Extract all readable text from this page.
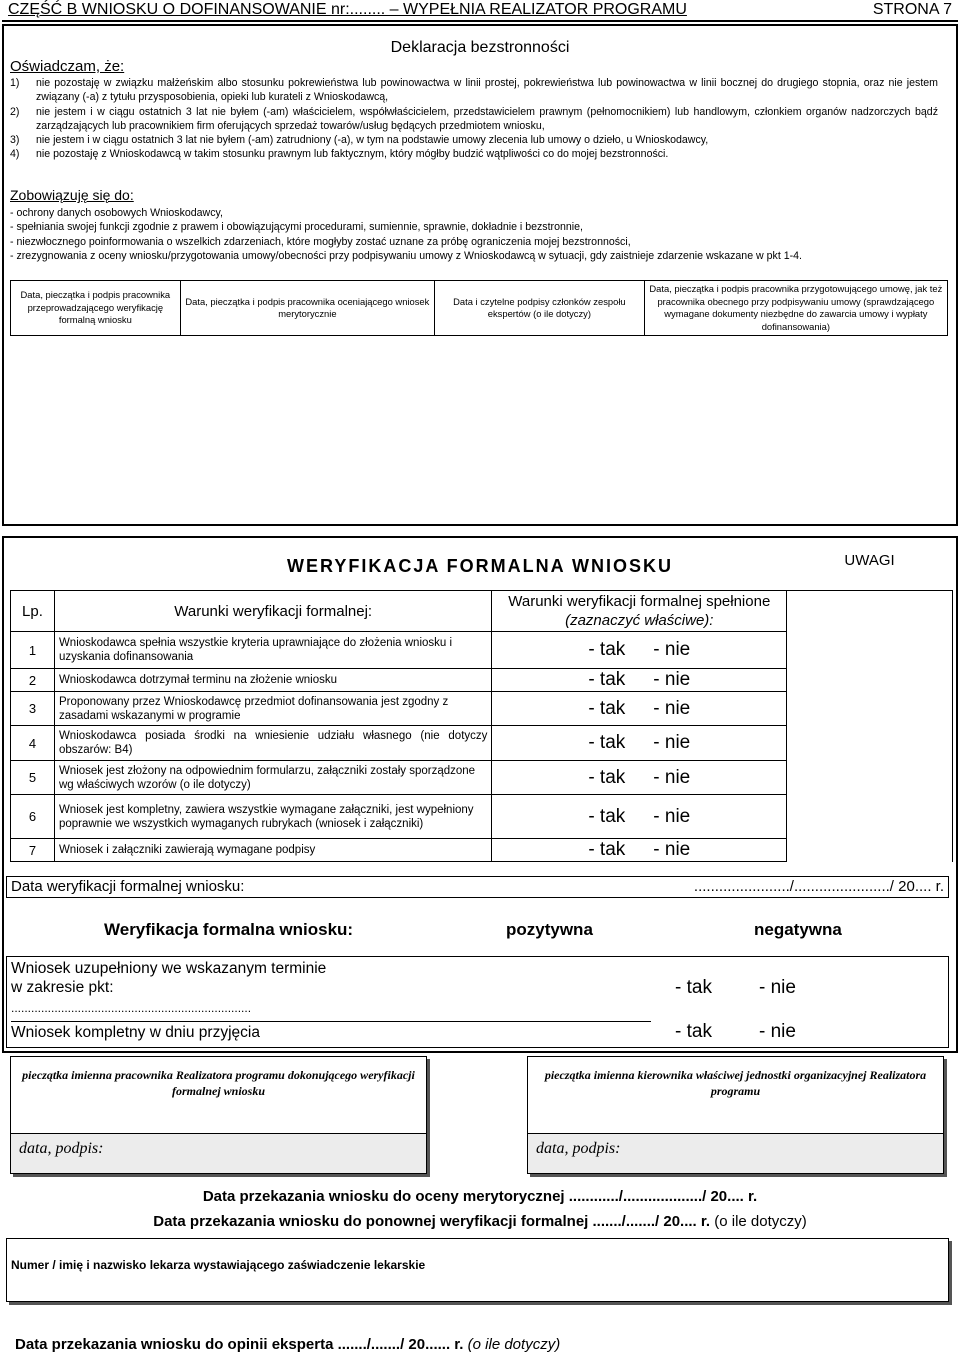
CZĘŚĆ B WNIOSKU O DOFINANSOWANIE nr:........ – WYPEŁNIA REALIZATOR PROGRAMU	STRONA 7
Deklaracja bezstronności
Oświadczam, że:
1) nie pozostaję w związku małżeńskim albo stosunku pokrewieństwa lub powinowactwa w linii prostej, pokrewieństwa lub powinowactwa w linii bocznej do drugiego stopnia, oraz nie jestem związany (-a) z tytułu przysposobienia, opieki lub kurateli z Wnioskodawcą,
2) nie jestem i w ciągu ostatnich 3 lat nie byłem (-am) właścicielem, współwłaścicielem, przedstawicielem prawnym (pełnomocnikiem) lub handlowym, członkiem organów nadzorczych bądź zarządzających lub pracownikiem firm oferujących sprzedaż towarów/usług będących przedmiotem wniosku,
3) nie jestem i w ciągu ostatnich 3 lat nie byłem (-am) zatrudniony (-a), w tym na podstawie umowy zlecenia lub umowy o dzieło, u Wnioskodawcy,
4) nie pozostaję z Wnioskodawcą w takim stosunku prawnym lub faktycznym, który mógłby budzić wątpliwości co do mojej bezstronności.
Zobowiązuję się do:
- ochrony danych osobowych Wnioskodawcy,
- spełniania swojej funkcji zgodnie z prawem i obowiązującymi procedurami, sumiennie, sprawnie, dokładnie i bezstronnie,
- niezwłocznego poinformowania o wszelkich zdarzeniach, które mogłyby zostać uznane za próbę ograniczenia mojej bezstronności,
- zrezygnowania z oceny wniosku/przygotowania umowy/obecności przy podpisywaniu umowy z Wnioskodawcą w sytuacji, gdy zaistnieje zdarzenie wskazane w pkt 1-4.
Data, pieczątka i podpis pracownika przeprowadzającego weryfikację formalną wniosku
Data, pieczątka i podpis pracownika oceniającego wniosek merytorycznie
Data i czytelne podpisy członków zespołu ekspertów (o ile dotyczy)
Data, pieczątka i podpis pracownika przygotowującego umowę, jak też pracownika obecnego przy podpisywaniu umowy (sprawdzającego wymagane dokumenty niezbędne do zawarcia umowy i wypłaty dofinansowania)
WERYFIKACJA FORMALNA WNIOSKU
Lp.	Warunki weryfikacji formalnej:	Warunki weryfikacji formalnej spełnione (zaznaczyć właściwe):	UWAGI

1	Wnioskodawca spełnia wszystkie kryteria uprawniające do złożenia wniosku i uzyskania dofinansowania	- tak - nie	
2	Wnioskodawca dotrzymał terminu na złożenie wniosku	- tak - nie	
3	Proponowany przez Wnioskodawcę przedmiot dofinansowania jest zgodny z zasadami wskazanymi w programie	- tak - nie	
4	Wnioskodawca posiada środki na wniesienie udziału własnego (nie dotyczy obszarów: B4)	- tak - nie	
5	Wniosek jest złożony na odpowiednim formularzu, załączniki zostały sporządzone wg właściwych wzorów (o ile dotyczy)	- tak - nie	
6	Wniosek jest kompletny, zawiera wszystkie wymagane załączniki, jest wypełniony poprawnie we wszystkich wymaganych rubrykach (wniosek i załączniki)	- tak - nie	
7	Wniosek i załączniki zawierają wymagane podpisy	- tak - nie	
Data weryfikacji formalnej wniosku:	......................./......................./ 20.... r.
Weryfikacja formalna wniosku:	pozytywna	negatywna
Wniosek uzupełniony we wskazanym terminie
w zakresie pkt:
........................................................................
- tak - nie
Wniosek kompletny w dniu przyjęcia	- tak - nie
pieczątka imienna pracownika Realizatora programu dokonującego weryfikacji formalnej wniosku
data, podpis:
pieczątka imienna kierownika właściwej jednostki organizacyjnej Realizatora programu
data, podpis:
Data przekazania wniosku do oceny merytorycznej ............/.................../ 20.... r.
Data przekazania wniosku do ponownej weryfikacji formalnej ......./......./ 20.... r. (o ile dotyczy)
Numer / imię i nazwisko lekarza wystawiającego zaświadczenie lekarskie
Data przekazania wniosku do opinii eksperta ......./......./ 20...... r. (o ile dotyczy)
